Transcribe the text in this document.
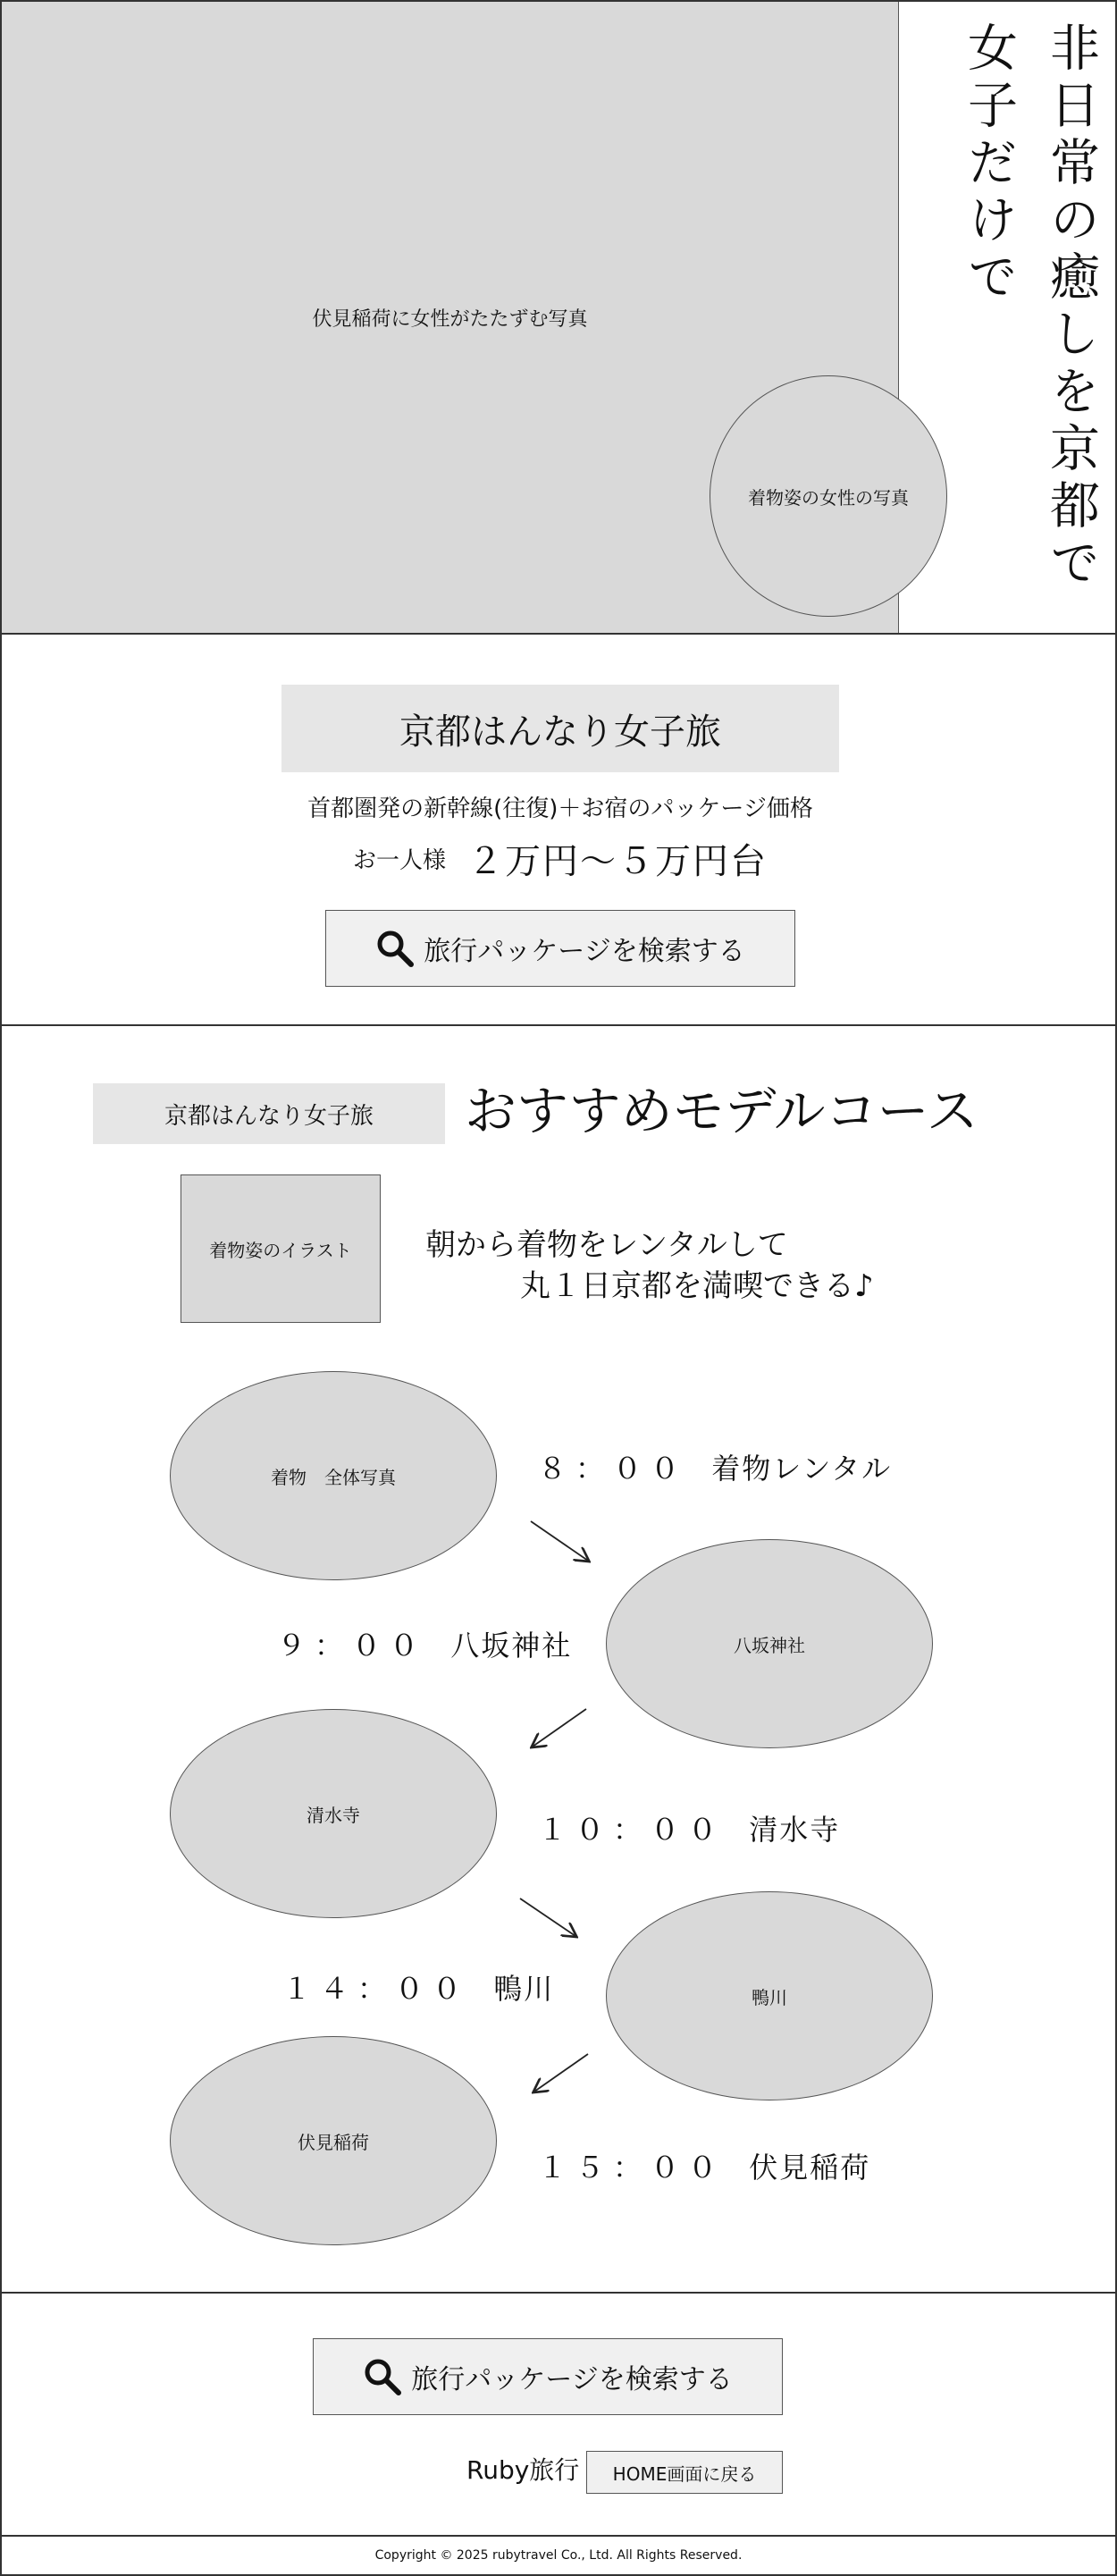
伏見稲荷に女性がたたずむ写真	非日常の癒しを京都で
女子だけで
着物姿の女性の写真
京都はんなり女子旅
首都圏発の新幹線(往復)＋お宿のパッケージ価格
お一人様 ２万円〜５万円台
旅行パッケージを検索する
京都はんなり女子旅 おすすめモデルコース
着物姿のイラスト 朝から着物をレンタルして
丸１日京都を満喫できる♪
着物　全体写真	８：００ 着物レンタル
八坂神社
９：００ 八坂神社
清水寺	１０：００ 清水寺
鴨川
１４：００ 鴨川
伏見稲荷
１５：００ 伏見稲荷
旅行パッケージを検索する
Ruby旅行	HOME画面に戻る
Copyright © 2025 rubytravel Co., Ltd. All Rights Reserved.
